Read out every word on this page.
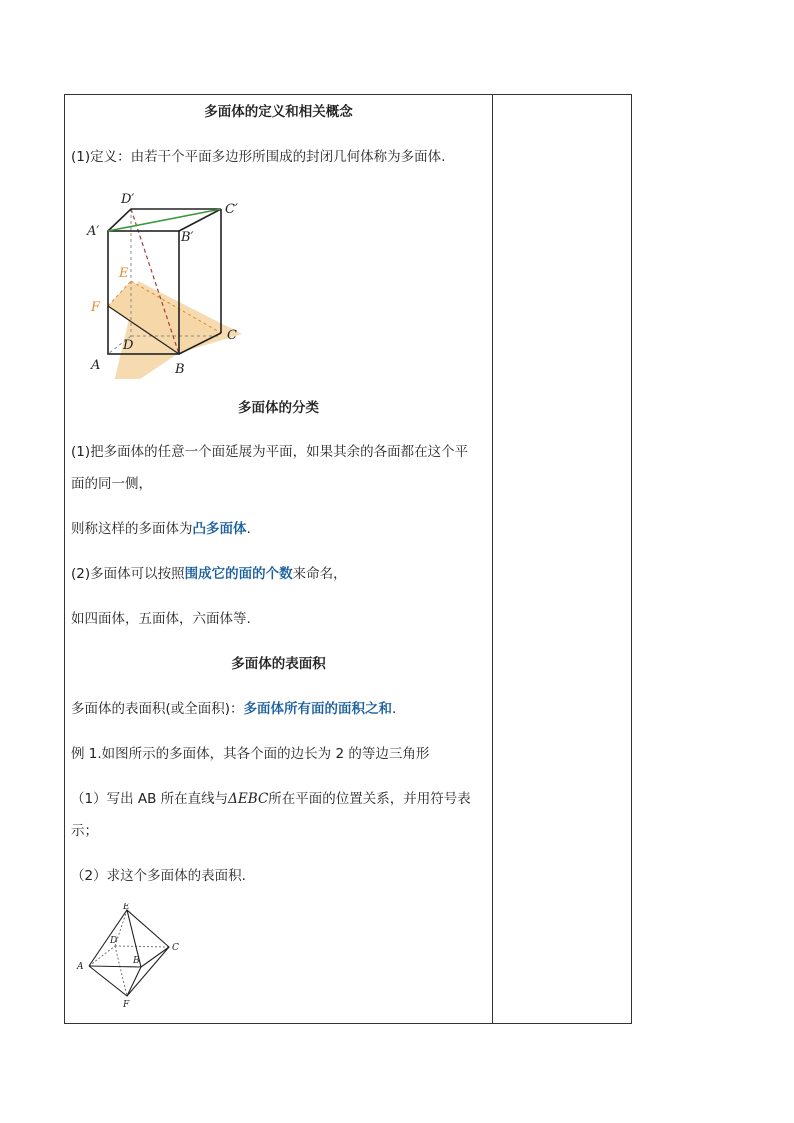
多面体的定义和相关概念
(1)定义：由若干个平面多边形所围成的封闭几何体称为多面体.
D′
C′
A′	B′
E
F
C
D
A	B
多面体的分类
(1)把多面体的任意一个面延展为平面，如果其余的各面都在这个平
面的同一侧，
则称这样的多面体为凸多面体.
(2)多面体可以按照围成它的面的个数来命名，
如四面体，五面体，六面体等.
多面体的表面积
多面体的表面积(或全面积)：多面体所有面的面积之和.
例 1.如图所示的多面体，其各个面的边长为 2 的等边三角形
（1）写出 AB 所在直线与ΔEBC所在平面的位置关系，并用符号表
示；
（2）求这个多面体的表面积.
E
D
C
A
B
F
